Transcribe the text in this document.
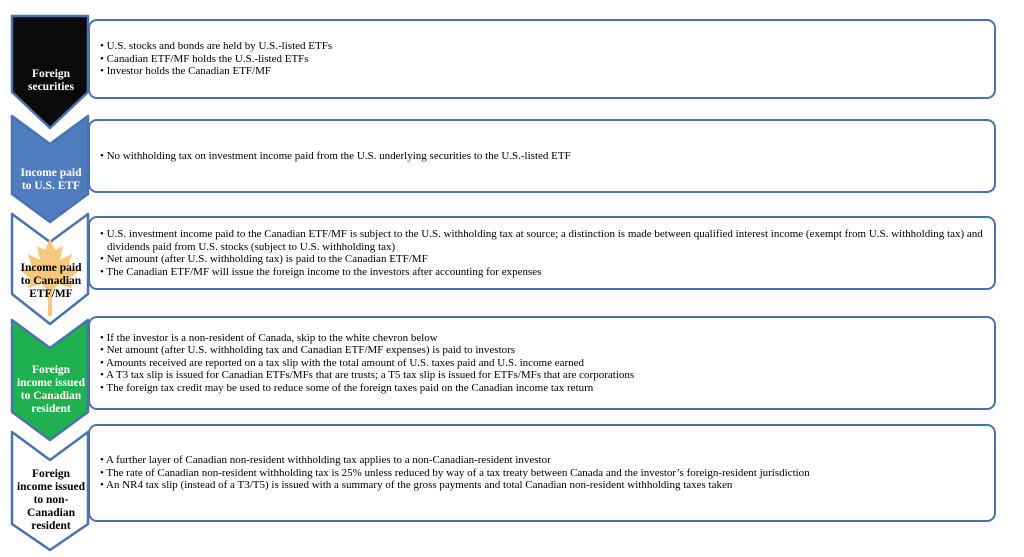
Foreign securities
• U.S. stocks and bonds are held by U.S.-listed ETFs
• Canadian ETF/MF holds the U.S.-listed ETFs
• Investor holds the Canadian ETF/MF
Income paid to U.S. ETF
• No withholding tax on investment income paid from the U.S. underlying securities to the U.S.-listed ETF
Income paid to Canadian ETF/MF
• U.S. investment income paid to the Canadian ETF/MF is subject to the U.S. withholding tax at source; a distinction is made between qualified interest income (exempt from U.S. withholding tax) and dividends paid from U.S. stocks (subject to U.S. withholding tax)
• Net amount (after U.S. withholding tax) is paid to the Canadian ETF/MF
• The Canadian ETF/MF will issue the foreign income to the investors after accounting for expenses
Foreign income issued to Canadian resident
• If the investor is a non-resident of Canada, skip to the white chevron below
• Net amount (after U.S. withholding tax and Canadian ETF/MF expenses) is paid to investors
• Amounts received are reported on a tax slip with the total amount of U.S. taxes paid and U.S. income earned
• A T3 tax slip is issued for Canadian ETFs/MFs that are trusts; a T5 tax slip is issued for ETFs/MFs that are corporations
• The foreign tax credit may be used to reduce some of the foreign taxes paid on the Canadian income tax return
Foreign income issued to non-Canadian resident
• A further layer of Canadian non-resident withholding tax applies to a non-Canadian-resident investor
• The rate of Canadian non-resident withholding tax is 25% unless reduced by way of a tax treaty between Canada and the investor’s foreign-resident jurisdiction
• An NR4 tax slip (instead of a T3/T5) is issued with a summary of the gross payments and total Canadian non-resident withholding taxes taken
